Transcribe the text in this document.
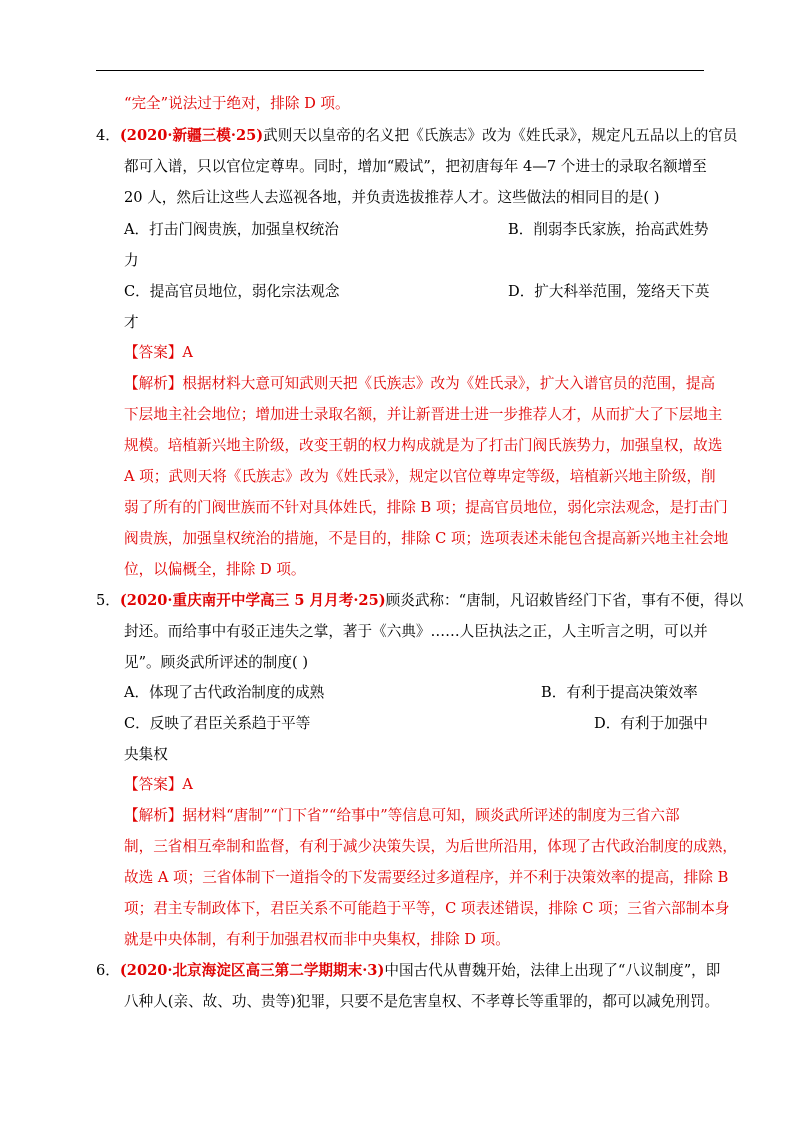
“完全”说法过于绝对，排除 D 项。
4．(2020·新疆三模·25)武则天以皇帝的名义把《氏族志》改为《姓氏录》，规定凡五品以上的官员
都可入谱，只以官位定尊卑。同时，增加“殿试”，把初唐每年 4—7 个进士的录取名额增至
20 人，然后让这些人去巡视各地，并负责选拔推荐人才。这些做法的相同目的是( )
A．打击门阀贵族，加强皇权统治	B．削弱李氏家族，抬高武姓势
力
C．提高官员地位，弱化宗法观念	D．扩大科举范围，笼络天下英
才
【答案】A
【解析】根据材料大意可知武则天把《氏族志》改为《姓氏录》，扩大入谱官员的范围，提高
下层地主社会地位；增加进士录取名额，并让新晋进士进一步推荐人才，从而扩大了下层地主
规模。培植新兴地主阶级，改变王朝的权力构成就是为了打击门阀氏族势力，加强皇权，故选
A 项；武则天将《氏族志》改为《姓氏录》，规定以官位尊卑定等级，培植新兴地主阶级，削
弱了所有的门阀世族而不针对具体姓氏，排除 B 项；提高官员地位，弱化宗法观念，是打击门
阀贵族，加强皇权统治的措施，不是目的，排除 C 项；选项表述未能包含提高新兴地主社会地
位，以偏概全，排除 D 项。
5．(2020·重庆南开中学高三 5 月月考·25)顾炎武称：“唐制，凡诏敕皆经门下省，事有不便，得以
封还。而给事中有驳正违失之掌，著于《六典》……人臣执法之正，人主听言之明，可以并
见”。顾炎武所评述的制度( )
A．体现了古代政治制度的成熟	B．有利于提高决策效率
C．反映了君臣关系趋于平等	D．有利于加强中
央集权
【答案】A
【解析】据材料“唐制”“门下省”“给事中”等信息可知，顾炎武所评述的制度为三省六部
制，三省相互牵制和监督，有利于减少决策失误，为后世所沿用，体现了古代政治制度的成熟，
故选 A 项；三省体制下一道指令的下发需要经过多道程序，并不利于决策效率的提高，排除 B
项；君主专制政体下，君臣关系不可能趋于平等，C 项表述错误，排除 C 项；三省六部制本身
就是中央体制，有利于加强君权而非中央集权，排除 D 项。
6．(2020·北京海淀区高三第二学期期末·3)中国古代从曹魏开始，法律上出现了“八议制度”，即
八种人(亲、故、功、贵等)犯罪，只要不是危害皇权、不孝尊长等重罪的，都可以减免刑罚。
